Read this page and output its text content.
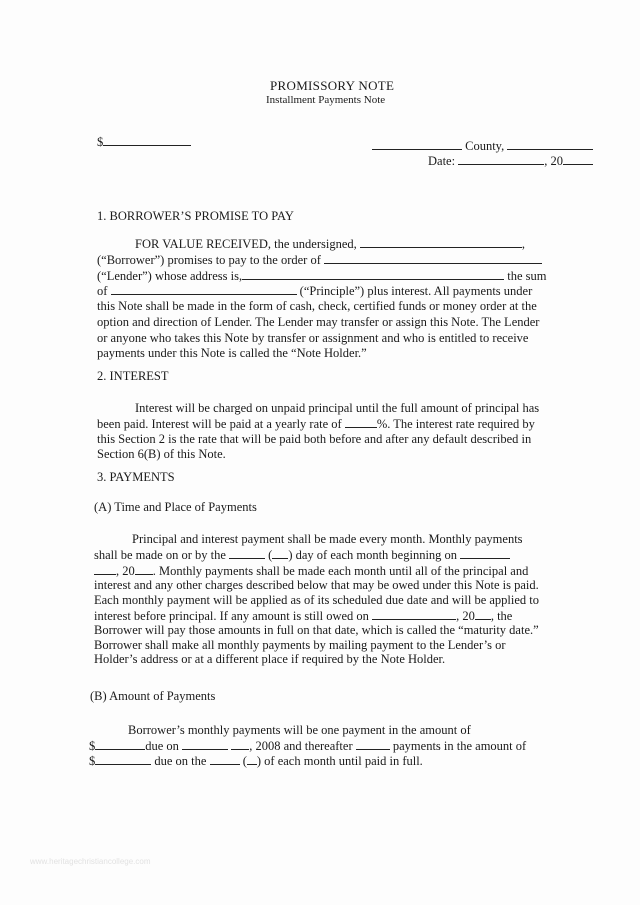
PROMISSORY NOTE
Installment Payments Note
$	County,
Date:	, 20
1. BORROWER’S PROMISE TO PAY
FOR VALUE RECEIVED, the undersigned,	,
(“Borrower”) promises to pay to the order of
(“Lender”) whose address is,	the sum
of	(“Principle”) plus interest. All payments under
this Note shall be made in the form of cash, check, certified funds or money order at the
option and direction of Lender. The Lender may transfer or assign this Note. The Lender
or anyone who takes this Note by transfer or assignment and who is entitled to receive
payments under this Note is called the “Note Holder.”
2. INTEREST
Interest will be charged on unpaid principal until the full amount of principal has
been paid. Interest will be paid at a yearly rate of	%. The interest rate required by
this Section 2 is the rate that will be paid both before and after any default described in
Section 6(B) of this Note.
3. PAYMENTS
(A) Time and Place of Payments
Principal and interest payment shall be made every month. Monthly payments
shall be made on or by the	( ) day of each month beginning on
, 20 . Monthly payments shall be made each month until all of the principal and
interest and any other charges described below that may be owed under this Note is paid.
Each monthly payment will be applied as of its scheduled due date and will be applied to
interest before principal. If any amount is still owed on	, 20 , the
Borrower will pay those amounts in full on that date, which is called the “maturity date.”
Borrower shall make all monthly payments by mailing payment to the Lender’s or
Holder’s address or at a different place if required by the Note Holder.
(B) Amount of Payments
Borrower’s monthly payments will be one payment in the amount of
$	due on	, 2008 and thereafter	payments in the amount of
$	due on the	( ) of each month until paid in full.
www.heritagechristiancollege.com
